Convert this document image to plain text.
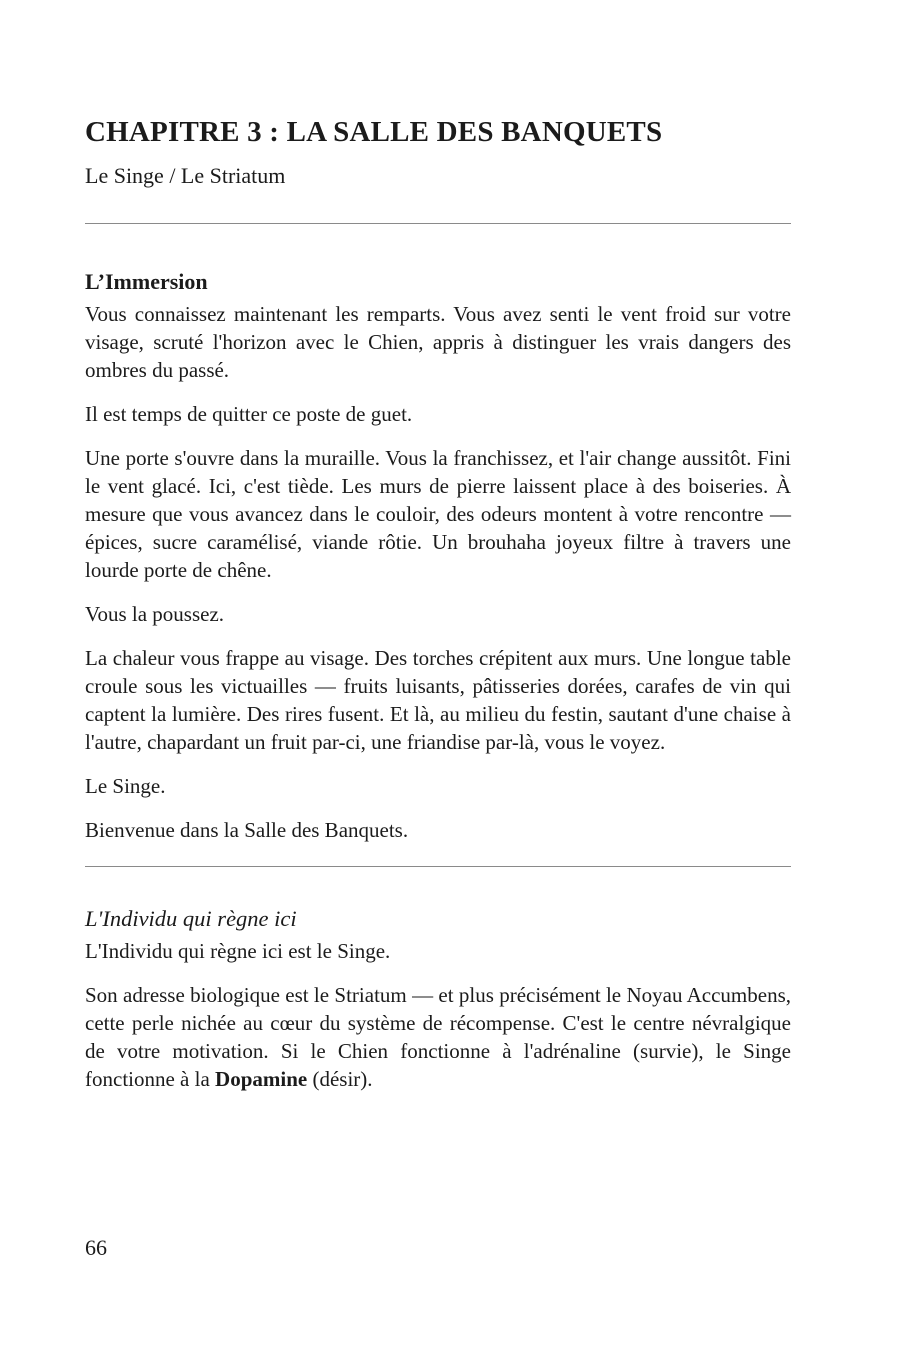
CHAPITRE 3 : LA SALLE DES BANQUETS

Le Singe / Le Striatum

L’Immersion

Vous connaissez maintenant les remparts. Vous avez senti le vent froid sur votre visage, scruté l'horizon avec le Chien, appris à distinguer les vrais dangers des ombres du passé.

Il est temps de quitter ce poste de guet.

Une porte s'ouvre dans la muraille. Vous la franchissez, et l'air change aussitôt. Fini le vent glacé. Ici, c'est tiède. Les murs de pierre laissent place à des boiseries. À mesure que vous avancez dans le couloir, des odeurs montent à votre rencontre — épices, sucre caramélisé, viande rôtie. Un brouhaha joyeux filtre à travers une lourde porte de chêne.

Vous la poussez.

La chaleur vous frappe au visage. Des torches crépitent aux murs. Une longue table croule sous les victuailles — fruits luisants, pâtisseries dorées, carafes de vin qui captent la lumière. Des rires fusent. Et là, au milieu du festin, sautant d'une chaise à l'autre, chapardant un fruit par-ci, une friandise par-là, vous le voyez.

Le Singe.

Bienvenue dans la Salle des Banquets.

L'Individu qui règne ici

L'Individu qui règne ici est le Singe.

Son adresse biologique est le Striatum — et plus précisément le Noyau Accumbens, cette perle nichée au cœur du système de récompense. C'est le centre névralgique de votre motivation. Si le Chien fonctionne à l'adrénaline (survie), le Singe fonctionne à la Dopamine (désir).

66
